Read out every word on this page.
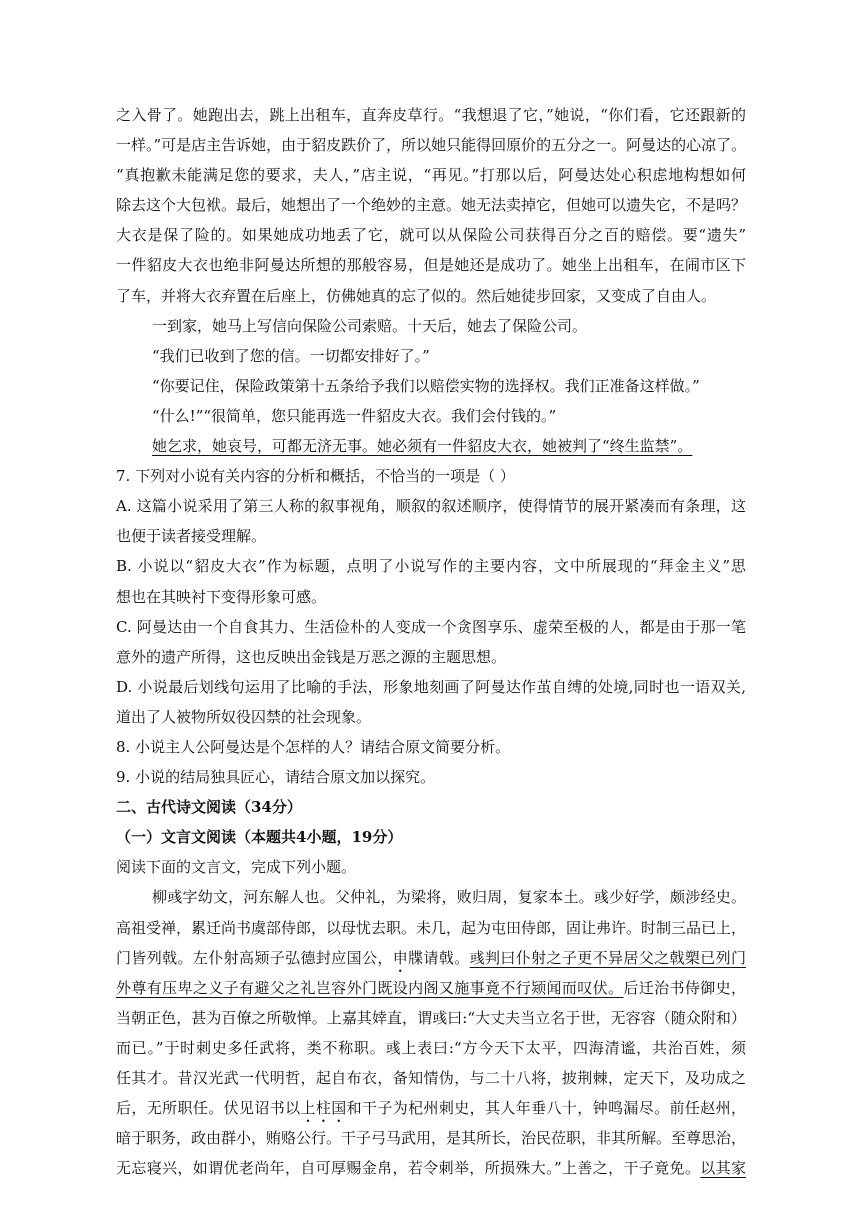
之入骨了。她跑出去，跳上出租车，直奔皮草行。“我想退了它，”她说，“你们看，它还跟新的
一样。”可是店主告诉她，由于貂皮跌价了，所以她只能得回原价的五分之一。阿曼达的心凉了。
“真抱歉未能满足您的要求，夫人，”店主说，“再见。”打那以后，阿曼达处心积虑地构想如何
除去这个大包袱。最后，她想出了一个绝妙的主意。她无法卖掉它，但她可以遗失它，不是吗？
大衣是保了险的。如果她成功地丢了它，就可以从保险公司获得百分之百的赔偿。要“遗失”
一件貂皮大衣也绝非阿曼达所想的那般容易，但是她还是成功了。她坐上出租车，在闹市区下
了车，并将大衣弃置在后座上，仿佛她真的忘了似的。然后她徒步回家，又变成了自由人。
一到家，她马上写信向保险公司索赔。十天后，她去了保险公司。
“我们已收到了您的信。一切都安排好了。”
“你要记住，保险政策第十五条给予我们以赔偿实物的选择权。我们正准备这样做。”
“什么!”“很简单，您只能再选一件貂皮大衣。我们会付钱的。”
她乞求，她哀号，可都无济无事。她必须有一件貂皮大衣，她被判了“终生监禁”。
7. 下列对小说有关内容的分析和概括，不恰当的一项是（ ）
A. 这篇小说采用了第三人称的叙事视角，顺叙的叙述顺序，使得情节的展开紧凑而有条理，这
也便于读者接受理解。
B. 小说以“貂皮大衣”作为标题，点明了小说写作的主要内容，文中所展现的“拜金主义”思
想也在其映衬下变得形象可感。
C. 阿曼达由一个自食其力、生活俭朴的人变成一个贪图享乐、虚荣至极的人，都是由于那一笔
意外的遗产所得，这也反映出金钱是万恶之源的主题思想。
D. 小说最后划线句运用了比喻的手法，形象地刻画了阿曼达作茧自缚的处境,同时也一语双关,
道出了人被物所奴役囚禁的社会现象。
8. 小说主人公阿曼达是个怎样的人？请结合原文简要分析。
9. 小说的结局独具匠心，请结合原文加以探究。
二、古代诗文阅读（34分）
（一）文言文阅读（本题共4小题，19分）
阅读下面的文言文，完成下列小题。
柳彧字幼文，河东解人也。父仲礼，为梁将，败归周，复家本土。彧少好学，颇涉经史。
高祖受禅，累迁尚书虞部侍郎，以母忧去职。未几，起为屯田侍郎，固让弗许。时制三品已上，
门皆列戟。左仆射高颎子弘德封应国公，申牒请戟。彧判曰仆射之子更不异居父之戟槊已列门
外尊有压卑之义子有避父之礼岂容外门既设内阁又施事竟不行颎闻而叹伏。后迁治书侍御史，
当朝正色，甚为百僚之所敬惮。上嘉其婞直，谓彧曰:“大丈夫当立名于世，无容容（随众附和）
而已。”于时刺史多任武将，类不称职。彧上表曰:“方今天下太平，四海清谧，共治百姓，须
任其才。昔汉光武一代明哲，起自布衣，备知情伪，与二十八将，披荆棘，定天下，及功成之
后，无所职任。伏见诏书以上柱国和干子为杞州刺史，其人年垂八十，钟鸣漏尽。前任赵州，
暗于职务，政由群小，贿赂公行。干子弓马武用，是其所长，治民莅职，非其所解。至尊思治，
无忘寝兴，如谓优老尚年，自可厚赐金帛，若令刺举，所损殊大。”上善之，干子竟免。以其家
